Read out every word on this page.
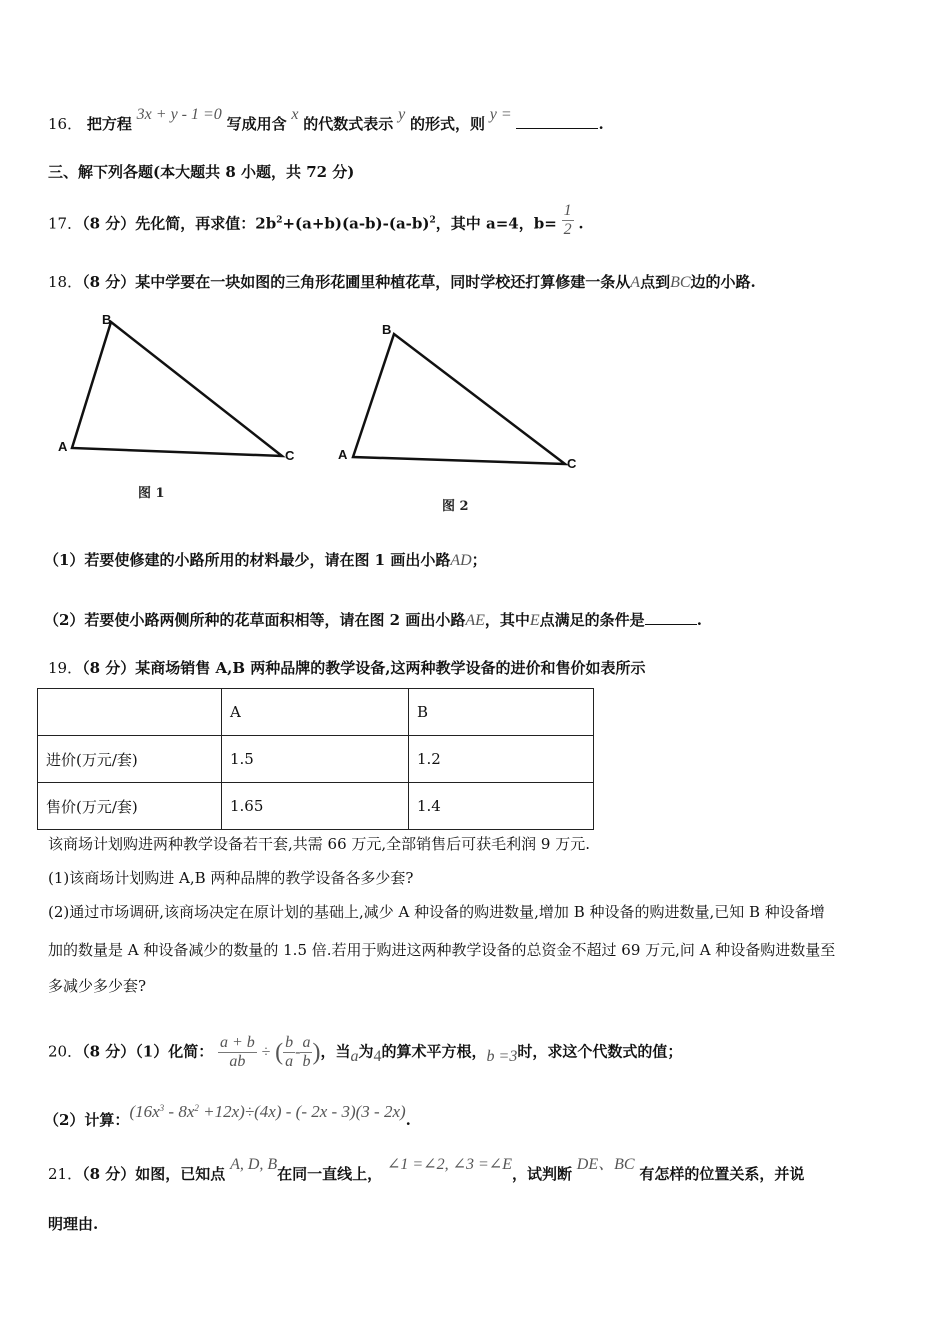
16． 把方程 3x + y - 1 =0 写成用含 x 的代数式表示 y 的形式，则 y = .
三、解下列各题(本大题共 8 小题，共 72 分)
17．（8 分）先化简，再求值：$2b^2+(a+b)(a-b)-(a-b)^2$，其中 a=4，$b= \frac{1}{2}$ .
18．（8 分）某中学要在一块如图的三角形花圃里种植花草，同时学校还打算修建一条从A点到BC边的小路.
B
A
C
图 1
B
A
C
图 2
（1）若要使修建的小路所用的材料最少，请在图 1 画出小路AD；
（2）若要使小路两侧所种的花草面积相等，请在图 2 画出小路AE，其中E点满足的条件是	.
19．（8 分）某商场销售 A,B 两种品牌的教学设备,这两种教学设备的进价和售价如表所示
	A	B
进价(万元/套)	1.5	1.2
售价(万元/套)	1.65	1.4
该商场计划购进两种教学设备若干套,共需 66 万元,全部销售后可获毛利润 9 万元.
(1)该商场计划购进 A,B 两种品牌的教学设备各多少套?
(2)通过市场调研,该商场决定在原计划的基础上,减少 A 种设备的购进数量,增加 B 种设备的购进数量,已知 B 种设备增
加的数量是 A 种设备减少的数量的 1.5 倍.若用于购进这两种教学设备的总资金不超过 69 万元,问 A 种设备购进数量至
多减少多少套?
20．（8 分）（1）化简： $\frac{a + b}{ab}$ ÷ ( $\frac{b}{a} - \frac{a}{b}$ )，当a为4的算术平方根，b =3时，求这个代数式的值；
（2）计算：$(16x^3 - 8x^2 +12x)\div(4x)$ - (- 2x - 3)(3 - 2x).
21．（8 分）如图，已知点 A, D, B在同一直线上， ∠1 =∠2, ∠3 =∠E，试判断 DE、BC 有怎样的位置关系，并说
明理由.
